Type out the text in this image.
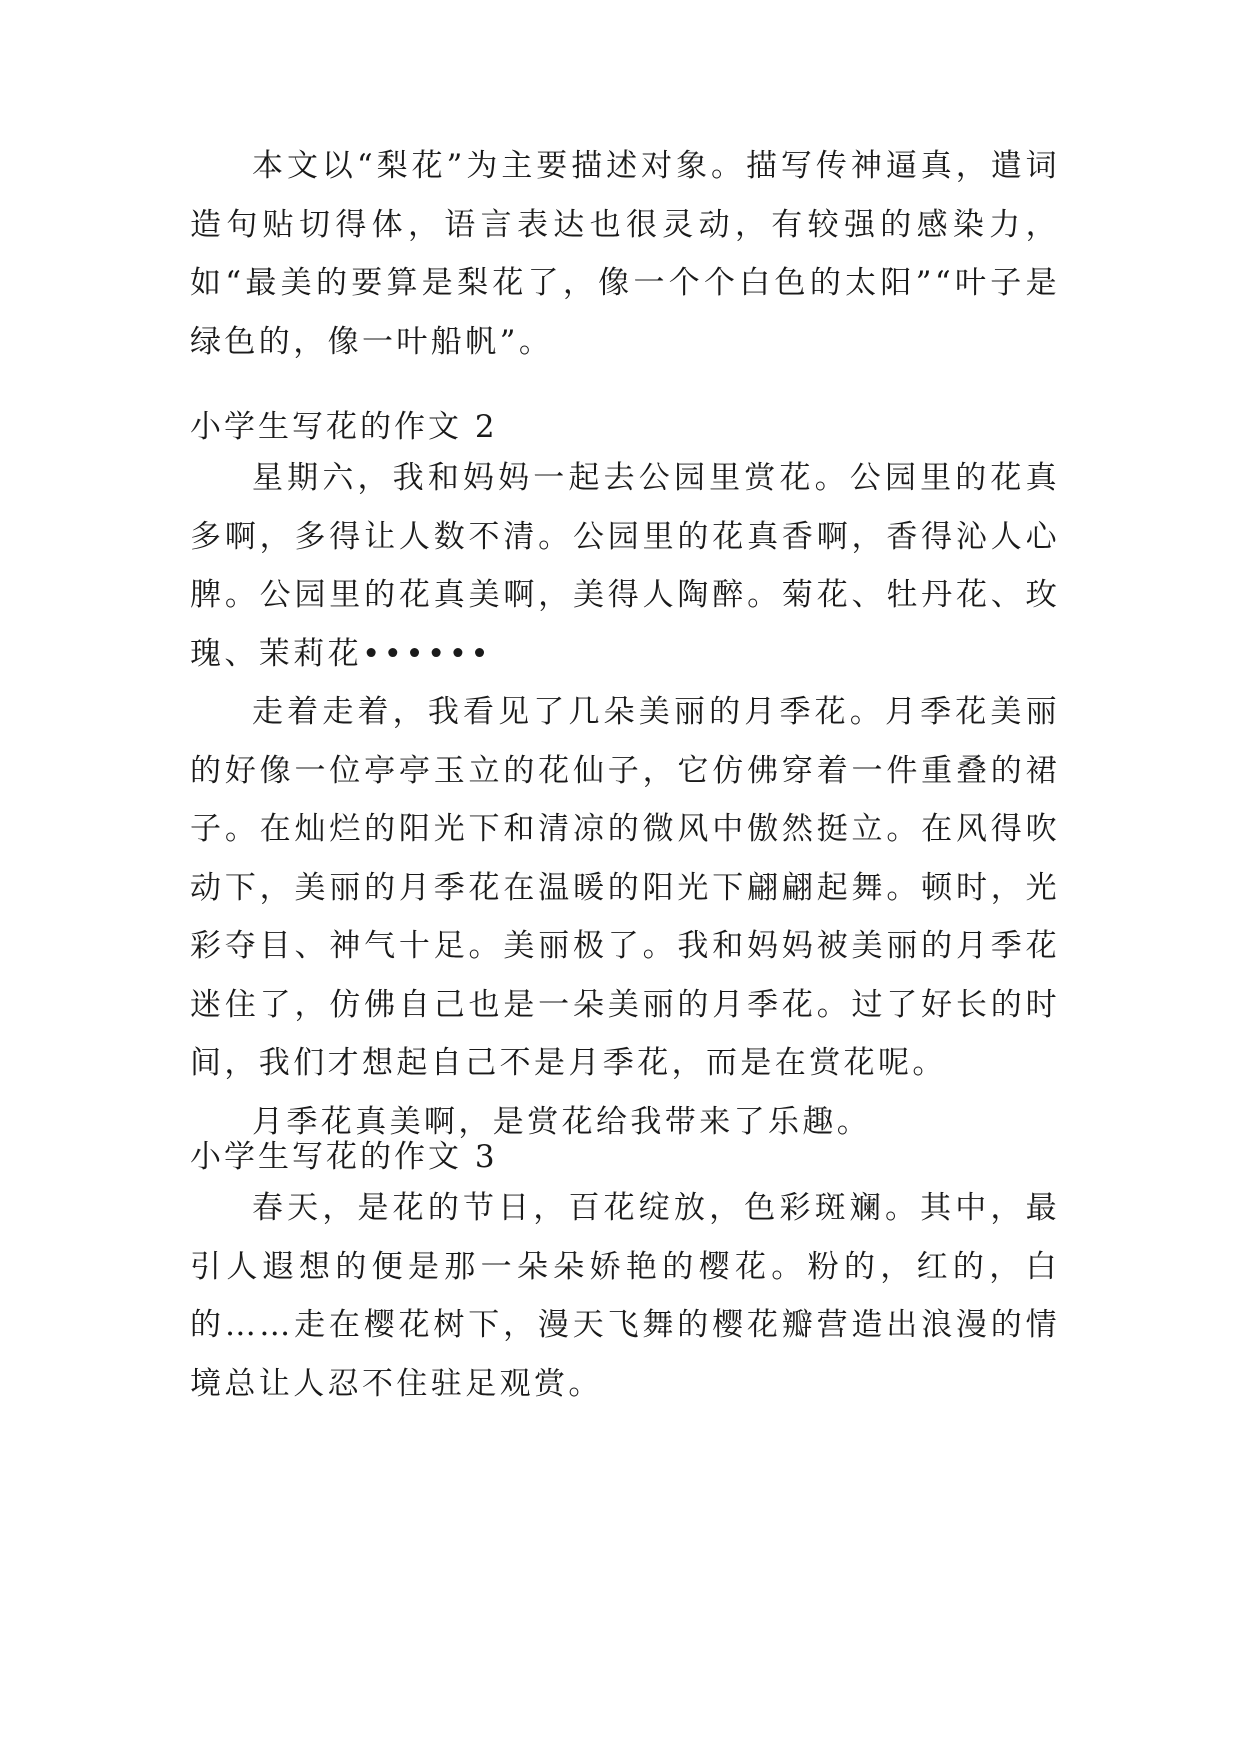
本文以“梨花”为主要描述对象。描写传神逼真，遣词造句贴切得体，语言表达也很灵动，有较强的感染力，如“最美的要算是梨花了，像一个个白色的太阳”“叶子是绿色的，像一叶船帆”。

小学生写花的作文 2

星期六，我和妈妈一起去公园里赏花。公园里的花真多啊，多得让人数不清。公园里的花真香啊，香得沁人心脾。公园里的花真美啊，美得人陶醉。菊花、牡丹花、玫瑰、茉莉花••••••

走着走着，我看见了几朵美丽的月季花。月季花美丽的好像一位亭亭玉立的花仙子，它仿佛穿着一件重叠的裙子。在灿烂的阳光下和清凉的微风中傲然挺立。在风得吹动下，美丽的月季花在温暖的阳光下翩翩起舞。顿时，光彩夺目、神气十足。美丽极了。我和妈妈被美丽的月季花迷住了，仿佛自己也是一朵美丽的月季花。过了好长的时间，我们才想起自己不是月季花，而是在赏花呢。

月季花真美啊，是赏花给我带来了乐趣。

小学生写花的作文 3

春天，是花的节日，百花绽放，色彩斑斓。其中，最引人遐想的便是那一朵朵娇艳的樱花。粉的，红的，白的……走在樱花树下，漫天飞舞的樱花瓣营造出浪漫的情境总让人忍不住驻足观赏。
